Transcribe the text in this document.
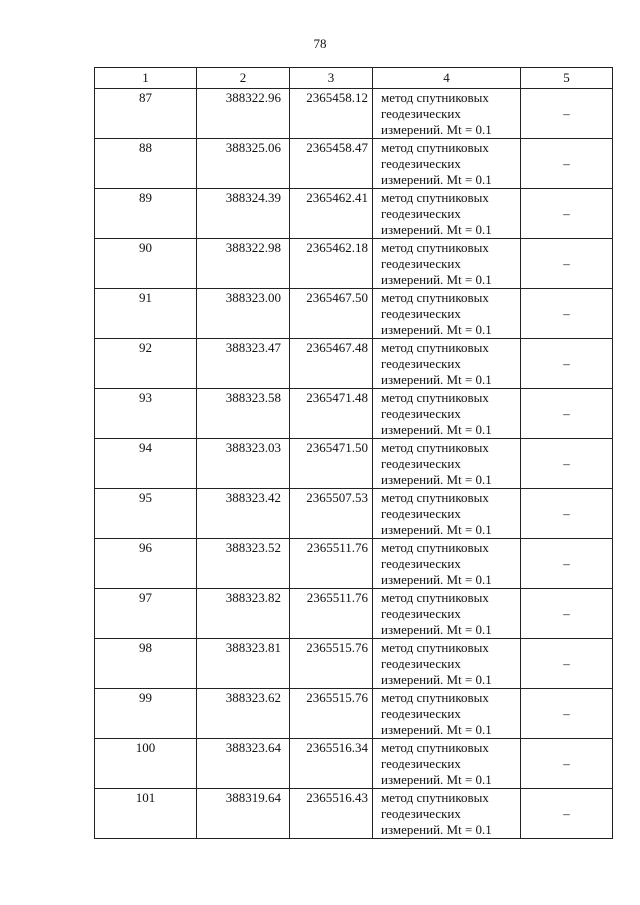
78
1	2	3	4	5
87	388322.96	2365458.12	метод спутниковых
геодезических
измерений. Mt = 0.1	–
88	388325.06	2365458.47	метод спутниковых
геодезических
измерений. Mt = 0.1	–
89	388324.39	2365462.41	метод спутниковых
геодезических
измерений. Mt = 0.1	–
90	388322.98	2365462.18	метод спутниковых
геодезических
измерений. Mt = 0.1	–
91	388323.00	2365467.50	метод спутниковых
геодезических
измерений. Mt = 0.1	–
92	388323.47	2365467.48	метод спутниковых
геодезических
измерений. Mt = 0.1	–
93	388323.58	2365471.48	метод спутниковых
геодезических
измерений. Mt = 0.1	–
94	388323.03	2365471.50	метод спутниковых
геодезических
измерений. Mt = 0.1	–
95	388323.42	2365507.53	метод спутниковых
геодезических
измерений. Mt = 0.1	–
96	388323.52	2365511.76	метод спутниковых
геодезических
измерений. Mt = 0.1	–
97	388323.82	2365511.76	метод спутниковых
геодезических
измерений. Mt = 0.1	–
98	388323.81	2365515.76	метод спутниковых
геодезических
измерений. Mt = 0.1	–
99	388323.62	2365515.76	метод спутниковых
геодезических
измерений. Mt = 0.1	–
100	388323.64	2365516.34	метод спутниковых
геодезических
измерений. Mt = 0.1	–
101	388319.64	2365516.43	метод спутниковых
геодезических
измерений. Mt = 0.1	–
